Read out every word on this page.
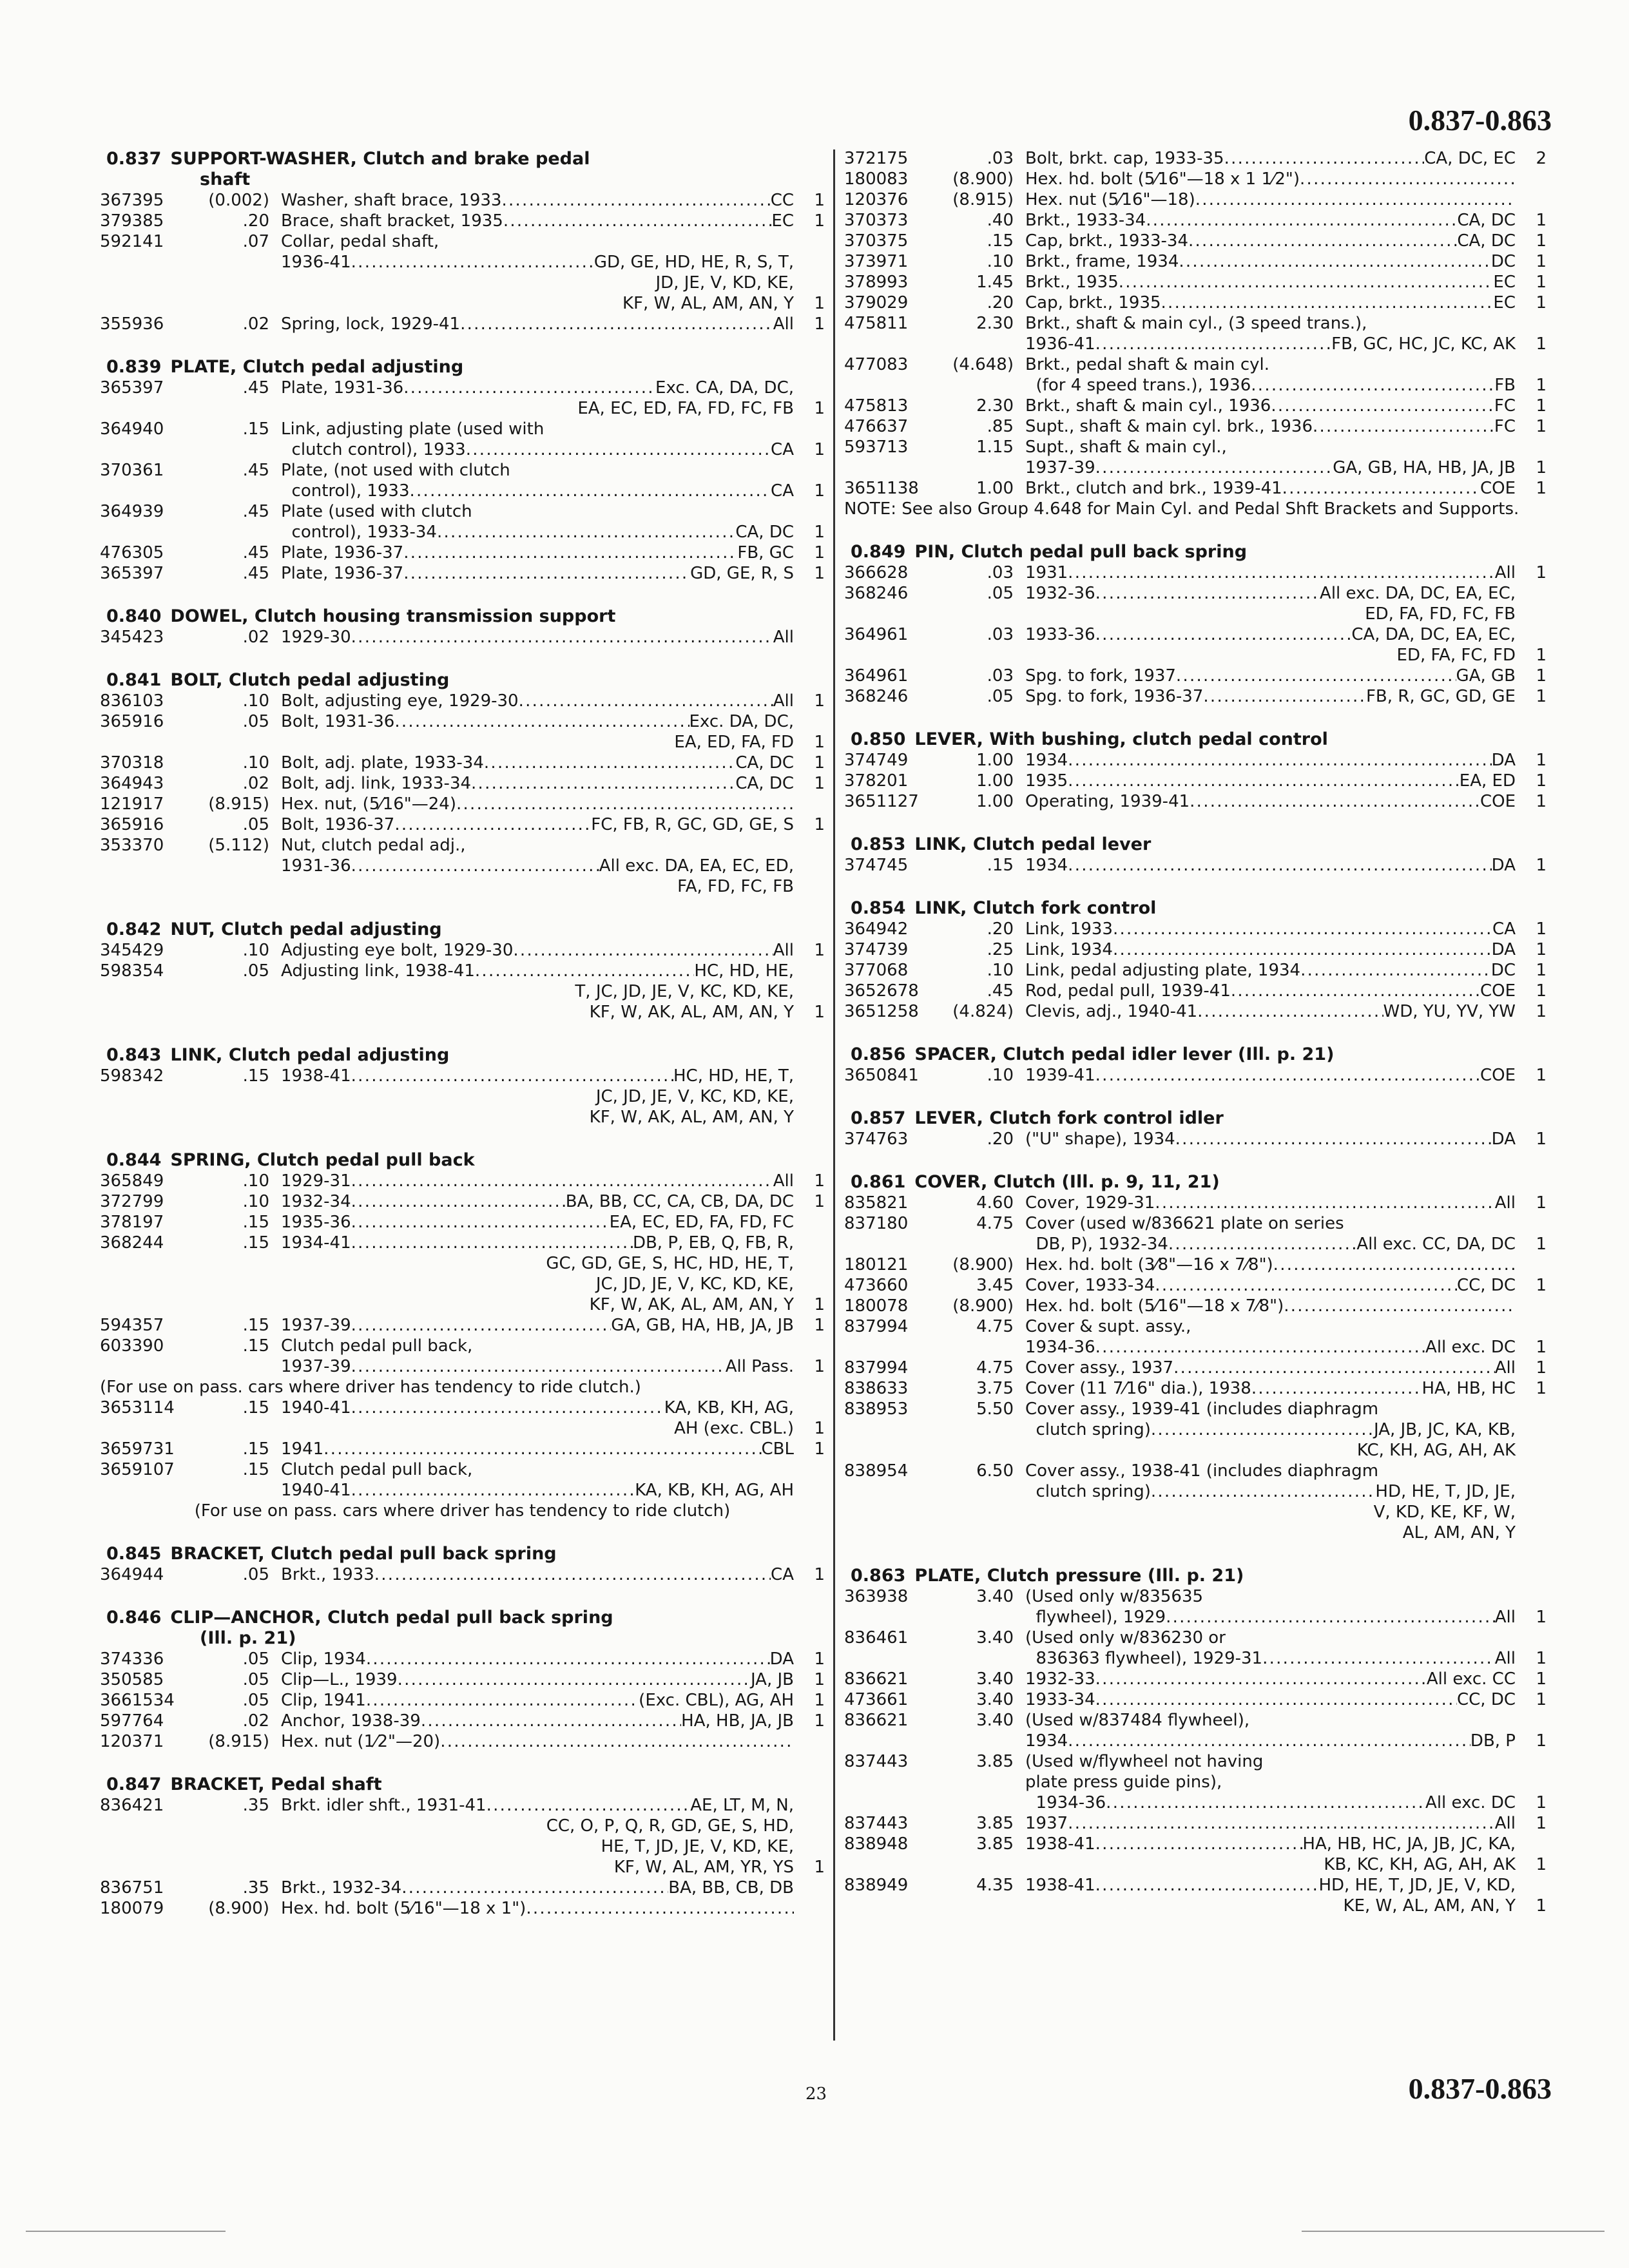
0.837-0.863
0.837 SUPPORT-WASHER, Clutch and brake pedal
shaft
367395	(0.002) Washer, shaft brace, 1933 . . .	CC	1
379385	.20 Brace, shaft bracket, 1935 . . .	EC	1
592141	.07 Collar, pedal shaft,
1936-41 . . .	GD, GE, HD, HE, R, S, T,
JD, JE, V, KD, KE,
KF, W, AL, AM, AN, Y	1
355936	.02 Spring, lock, 1929-41 . . .	All	1
0.839 PLATE, Clutch pedal adjusting
365397	.45 Plate, 1931-36 . . .	Exc. CA, DA, DC,
EA, EC, ED, FA, FD, FC, FB	1
364940	.15 Link, adjusting plate (used with
clutch control), 1933 . . .	CA	1
370361	.45 Plate, (not used with clutch
control), 1933 . . .	CA	1
364939	.45 Plate (used with clutch
control), 1933-34 . . .	CA, DC	1
476305	.45 Plate, 1936-37 . . .	FB, GC	1
365397	.45 Plate, 1936-37 . . .	GD, GE, R, S	1
0.840 DOWEL, Clutch housing transmission support
345423	.02 1929-30 . . .	All
0.841 BOLT, Clutch pedal adjusting
836103	.10 Bolt, adjusting eye, 1929-30 . . .	All	1
365916	.05 Bolt, 1931-36 . . .	Exc. DA, DC,
EA, ED, FA, FD	1
370318	.10 Bolt, adj. plate, 1933-34 . . .	CA, DC	1
364943	.02 Bolt, adj. link, 1933-34 . . .	CA, DC	1
121917	(8.915) Hex. nut, (5⁄16"—24)
. . .
365916	.05 Bolt, 1936-37 . . .	FC, FB, R, GC, GD, GE, S	1
353370	(5.112) Nut, clutch pedal adj.,
1931-36 . . .	All exc. DA, EA, EC, ED,
FA, FD, FC, FB
0.842 NUT, Clutch pedal adjusting
345429	.10 Adjusting eye bolt, 1929-30 . . .	All	1
598354	.05 Adjusting link, 1938-41 . . .	HC, HD, HE,
T, JC, JD, JE, V, KC, KD, KE,
KF, W, AK, AL, AM, AN, Y	1
0.843 LINK, Clutch pedal adjusting
598342	.15 1938-41 . . .	HC, HD, HE, T,
JC, JD, JE, V, KC, KD, KE,
KF, W, AK, AL, AM, AN, Y
0.844 SPRING, Clutch pedal pull back
365849	.10 1929-31 . . .	All	1
372799	.10 1932-34 . . .	BA, BB, CC, CA, CB, DA, DC	1
378197	.15 1935-36 . . .	EA, EC, ED, FA, FD, FC
368244	.15 1934-41 . . .	DB, P, EB, Q, FB, R,
GC, GD, GE, S, HC, HD, HE, T,
JC, JD, JE, V, KC, KD, KE,
KF, W, AK, AL, AM, AN, Y	1
594357	.15 1937-39 . . .	GA, GB, HA, HB, JA, JB	1
603390	.15 Clutch pedal pull back,
1937-39 . . .	All Pass.	1
(For use on pass. cars where driver has tendency to ride clutch.)
3653114	.15 1940-41 . . .	KA, KB, KH, AG,
AH (exc. CBL.)	1
3659731	.15 1941 . . .	CBL	1
3659107	.15 Clutch pedal pull back,
1940-41 . . .	KA, KB, KH, AG, AH
(For use on pass. cars where driver has tendency to ride clutch)
0.845 BRACKET, Clutch pedal pull back spring
364944	.05 Brkt., 1933 . . .	CA	1
0.846 CLIP—ANCHOR, Clutch pedal pull back spring
(Ill. p. 21)
374336	.05 Clip, 1934 . . .	DA	1
350585	.05 Clip—L., 1939 . . .	JA, JB	1
3661534	.05 Clip, 1941 . . .	(Exc. CBL), AG, AH	1
597764	.02 Anchor, 1938-39 . . .	HA, HB, JA, JB	1
120371	(8.915) Hex. nut (1⁄2"—20)
. . .
0.847 BRACKET, Pedal shaft
836421	.35 Brkt. idler shft., 1931-41 . . .	AE, LT, M, N,
CC, O, P, Q, R, GD, GE, S, HD,
HE, T, JD, JE, V, KD, KE,
KF, W, AL, AM, YR, YS	1
836751	.35 Brkt., 1932-34 . . .	BA, BB, CB, DB
180079	(8.900) Hex. hd. bolt (5⁄16"—18 x 1")
. . .
372175	.03 Bolt, brkt. cap, 1933-35 . . .	CA, DC, EC	2
180083	(8.900) Hex. hd. bolt (5⁄16"—18 x 1 1⁄2")
. . .
120376	(8.915) Hex. nut (5⁄16"—18)
. . .
370373	.40 Brkt., 1933-34 . . .	CA, DC	1
370375	.15 Cap, brkt., 1933-34 . . .	CA, DC	1
373971	.10 Brkt., frame, 1934 . . .	DC	1
378993	1.45 Brkt., 1935 . . .	EC	1
379029	.20 Cap, brkt., 1935 . . .	EC	1
475811	2.30 Brkt., shaft & main cyl., (3 speed trans.),
1936-41 . . .	FB, GC, HC, JC, KC, AK	1
477083	(4.648) Brkt., pedal shaft & main cyl.
(for 4 speed trans.), 1936 . . .	FB	1
475813	2.30 Brkt., shaft & main cyl., 1936 . . .	FC	1
476637	.85 Supt., shaft & main cyl. brk., 1936 . . .	FC	1
593713	1.15 Supt., shaft & main cyl.,
1937-39 . . .	GA, GB, HA, HB, JA, JB	1
3651138	1.00 Brkt., clutch and brk., 1939-41 . . .	COE	1
NOTE: See also Group 4.648 for Main Cyl. and Pedal Shft Brackets and Supports.
0.849 PIN, Clutch pedal pull back spring
366628	.03 1931 . . .	All	1
368246	.05 1932-36 . . .	All exc. DA, DC, EA, EC,
ED, FA, FD, FC, FB
364961	.03 1933-36 . . .	CA, DA, DC, EA, EC,
ED, FA, FC, FD	1
364961	.03 Spg. to fork, 1937 . . .	GA, GB	1
368246	.05 Spg. to fork, 1936-37 . . .	FB, R, GC, GD, GE	1
0.850 LEVER, With bushing, clutch pedal control
374749	1.00 1934 . . .	DA	1
378201	1.00 1935 . . .	EA, ED	1
3651127	1.00 Operating, 1939-41 . . .	COE	1
0.853 LINK, Clutch pedal lever
374745	.15 1934 . . .	DA	1
0.854 LINK, Clutch fork control
364942	.20 Link, 1933 . . .	CA	1
374739	.25 Link, 1934 . . .	DA	1
377068	.10 Link, pedal adjusting plate, 1934 . . .	DC	1
3652678	.45 Rod, pedal pull, 1939-41 . . .	COE	1
3651258	(4.824) Clevis, adj., 1940-41 . . .	WD, YU, YV, YW	1
0.856 SPACER, Clutch pedal idler lever (Ill. p. 21)
3650841	.10 1939-41 . . .	COE	1
0.857 LEVER, Clutch fork control idler
374763	.20 ("U" shape), 1934 . . .	DA	1
0.861 COVER, Clutch (Ill. p. 9, 11, 21)
835821	4.60 Cover, 1929-31 . . .	All	1
837180	4.75 Cover (used w/836621 plate on series
DB, P), 1932-34 . . .	All exc. CC, DA, DC	1
180121	(8.900) Hex. hd. bolt (3⁄8"—16 x 7⁄8")
. . .
473660	3.45 Cover, 1933-34 . . .	CC, DC	1
180078	(8.900) Hex. hd. bolt (5⁄16"—18 x 7⁄8")
. . .
837994	4.75 Cover & supt. assy.,
1934-36 . . .	All exc. DC	1
837994	4.75 Cover assy., 1937 . . .	All	1
838633	3.75 Cover (11 7⁄16" dia.), 1938 . . .	HA, HB, HC	1
838953	5.50 Cover assy., 1939-41 (includes diaphragm
clutch spring) . . .	JA, JB, JC, KA, KB,
KC, KH, AG, AH, AK
838954	6.50 Cover assy., 1938-41 (includes diaphragm
clutch spring) . . .	HD, HE, T, JD, JE,
V, KD, KE, KF, W,
AL, AM, AN, Y
0.863 PLATE, Clutch pressure (Ill. p. 21)
363938	3.40 (Used only w/835635
flywheel), 1929 . . .	All	1
836461	3.40 (Used only w/836230 or
836363 flywheel), 1929-31 . . .	All	1
836621	3.40 1932-33 . . .	All exc. CC	1
473661	3.40 1933-34 . . .	CC, DC	1
836621	3.40 (Used w/837484 flywheel),
1934 . . .	DB, P	1
837443	3.85 (Used w/flywheel not having
plate press guide pins),
1934-36 . . .	All exc. DC	1
837443	3.85 1937 . . .	All	1
838948	3.85 1938-41 . . .	HA, HB, HC, JA, JB, JC, KA,
KB, KC, KH, AG, AH, AK	1
838949	4.35 1938-41 . . .	HD, HE, T, JD, JE, V, KD,
KE, W, AL, AM, AN, Y	1
23	0.837-0.863
